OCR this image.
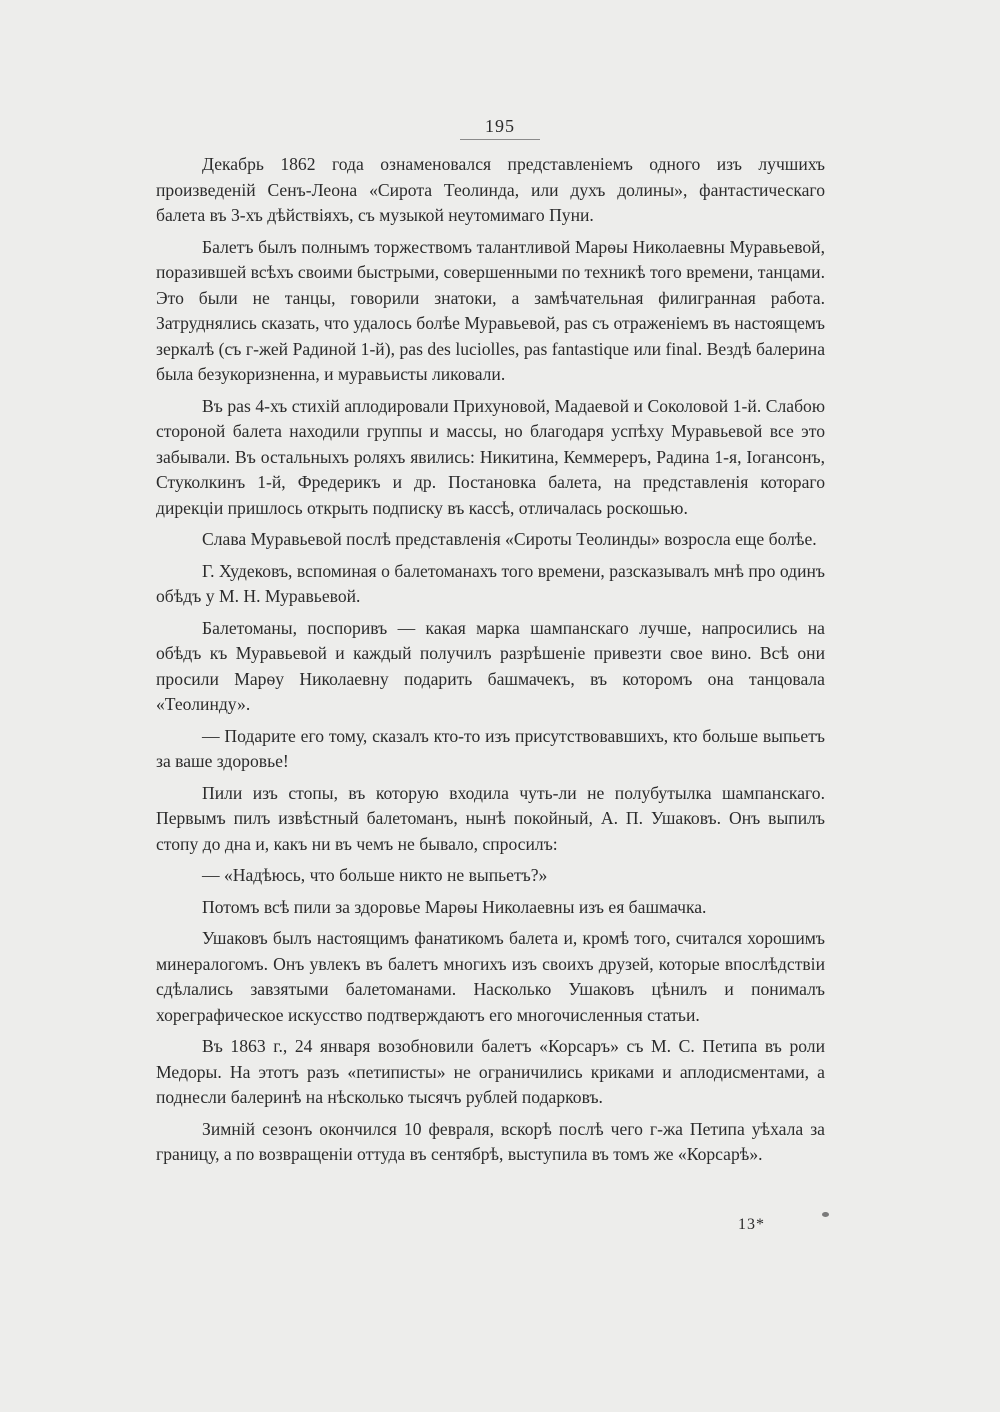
195

Декабрь 1862 года ознаменовался представленіемъ одного изъ лучшихъ произведеній Сенъ-Леона «Сирота Теолинда, или духъ долины», фантастическаго балета въ 3-хъ дѣйствіяхъ, съ музыкой неутомимаго Пуни.

Балетъ былъ полнымъ торжествомъ талантливой Марѳы Николаевны Муравьевой, поразившей всѣхъ своими быстрыми, совершенными по техникѣ того времени, танцами. Это были не танцы, говорили знатоки, а замѣчательная филигранная работа. Затруднялись сказать, что удалось болѣе Муравьевой, pas съ отраженіемъ въ настоящемъ зеркалѣ (съ г-жей Радиной 1-й), pas des luciolles, pas fantastique или final. Вездѣ балерина была безукоризненна, и муравьисты ликовали.

Въ pas 4-хъ стихій аплодировали Прихуновой, Мадаевой и Соколовой 1-й. Слабою стороной балета находили группы и массы, но благодаря успѣху Муравьевой все это забывали. Въ остальныхъ роляхъ явились: Никитина, Кеммереръ, Радина 1-я, Іогансонъ, Стуколкинъ 1-й, Фредерикъ и др. Постановка балета, на представленія котораго дирекціи пришлось открыть подписку въ кассѣ, отличалась роскошью.

Слава Муравьевой послѣ представленія «Сироты Теолинды» возросла еще болѣе.

Г. Худековъ, вспоминая о балетоманахъ того времени, разсказывалъ мнѣ про одинъ обѣдъ у М. Н. Муравьевой.

Балетоманы, поспоривъ — какая марка шампанскаго лучше, напросились на обѣдъ къ Муравьевой и каждый получилъ разрѣшеніе привезти свое вино. Всѣ они просили Марѳу Николаевну подарить башмачекъ, въ которомъ она танцовала «Теолинду».

— Подарите его тому, сказалъ кто-то изъ присутствовавшихъ, кто больше выпьетъ за ваше здоровье!

Пили изъ стопы, въ которую входила чуть-ли не полубутылка шампанскаго. Первымъ пилъ извѣстный балетоманъ, нынѣ покойный, А. П. Ушаковъ. Онъ выпилъ стопу до дна и, какъ ни въ чемъ не бывало, спросилъ:

— «Надѣюсь, что больше никто не выпьетъ?»

Потомъ всѣ пили за здоровье Марѳы Николаевны изъ ея башмачка.

Ушаковъ былъ настоящимъ фанатикомъ балета и, кромѣ того, считался хорошимъ минералогомъ. Онъ увлекъ въ балетъ многихъ изъ своихъ друзей, которые впослѣдствіи сдѣлались завзятыми балетоманами. Насколько Ушаковъ цѣнилъ и понималъ хореграфическое искусство подтверждаютъ его многочисленныя статьи.

Въ 1863 г., 24 января возобновили балетъ «Корсаръ» съ М. С. Петипа въ роли Медоры. На этотъ разъ «петиписты» не ограничились криками и аплодисментами, а поднесли балеринѣ на нѣсколько тысячъ рублей подарковъ.

Зимній сезонъ окончился 10 февраля, вскорѣ послѣ чего г-жа Петипа уѣхала за границу, а по возвращеніи оттуда въ сентябрѣ, выступила въ томъ же «Корсарѣ».

13*
